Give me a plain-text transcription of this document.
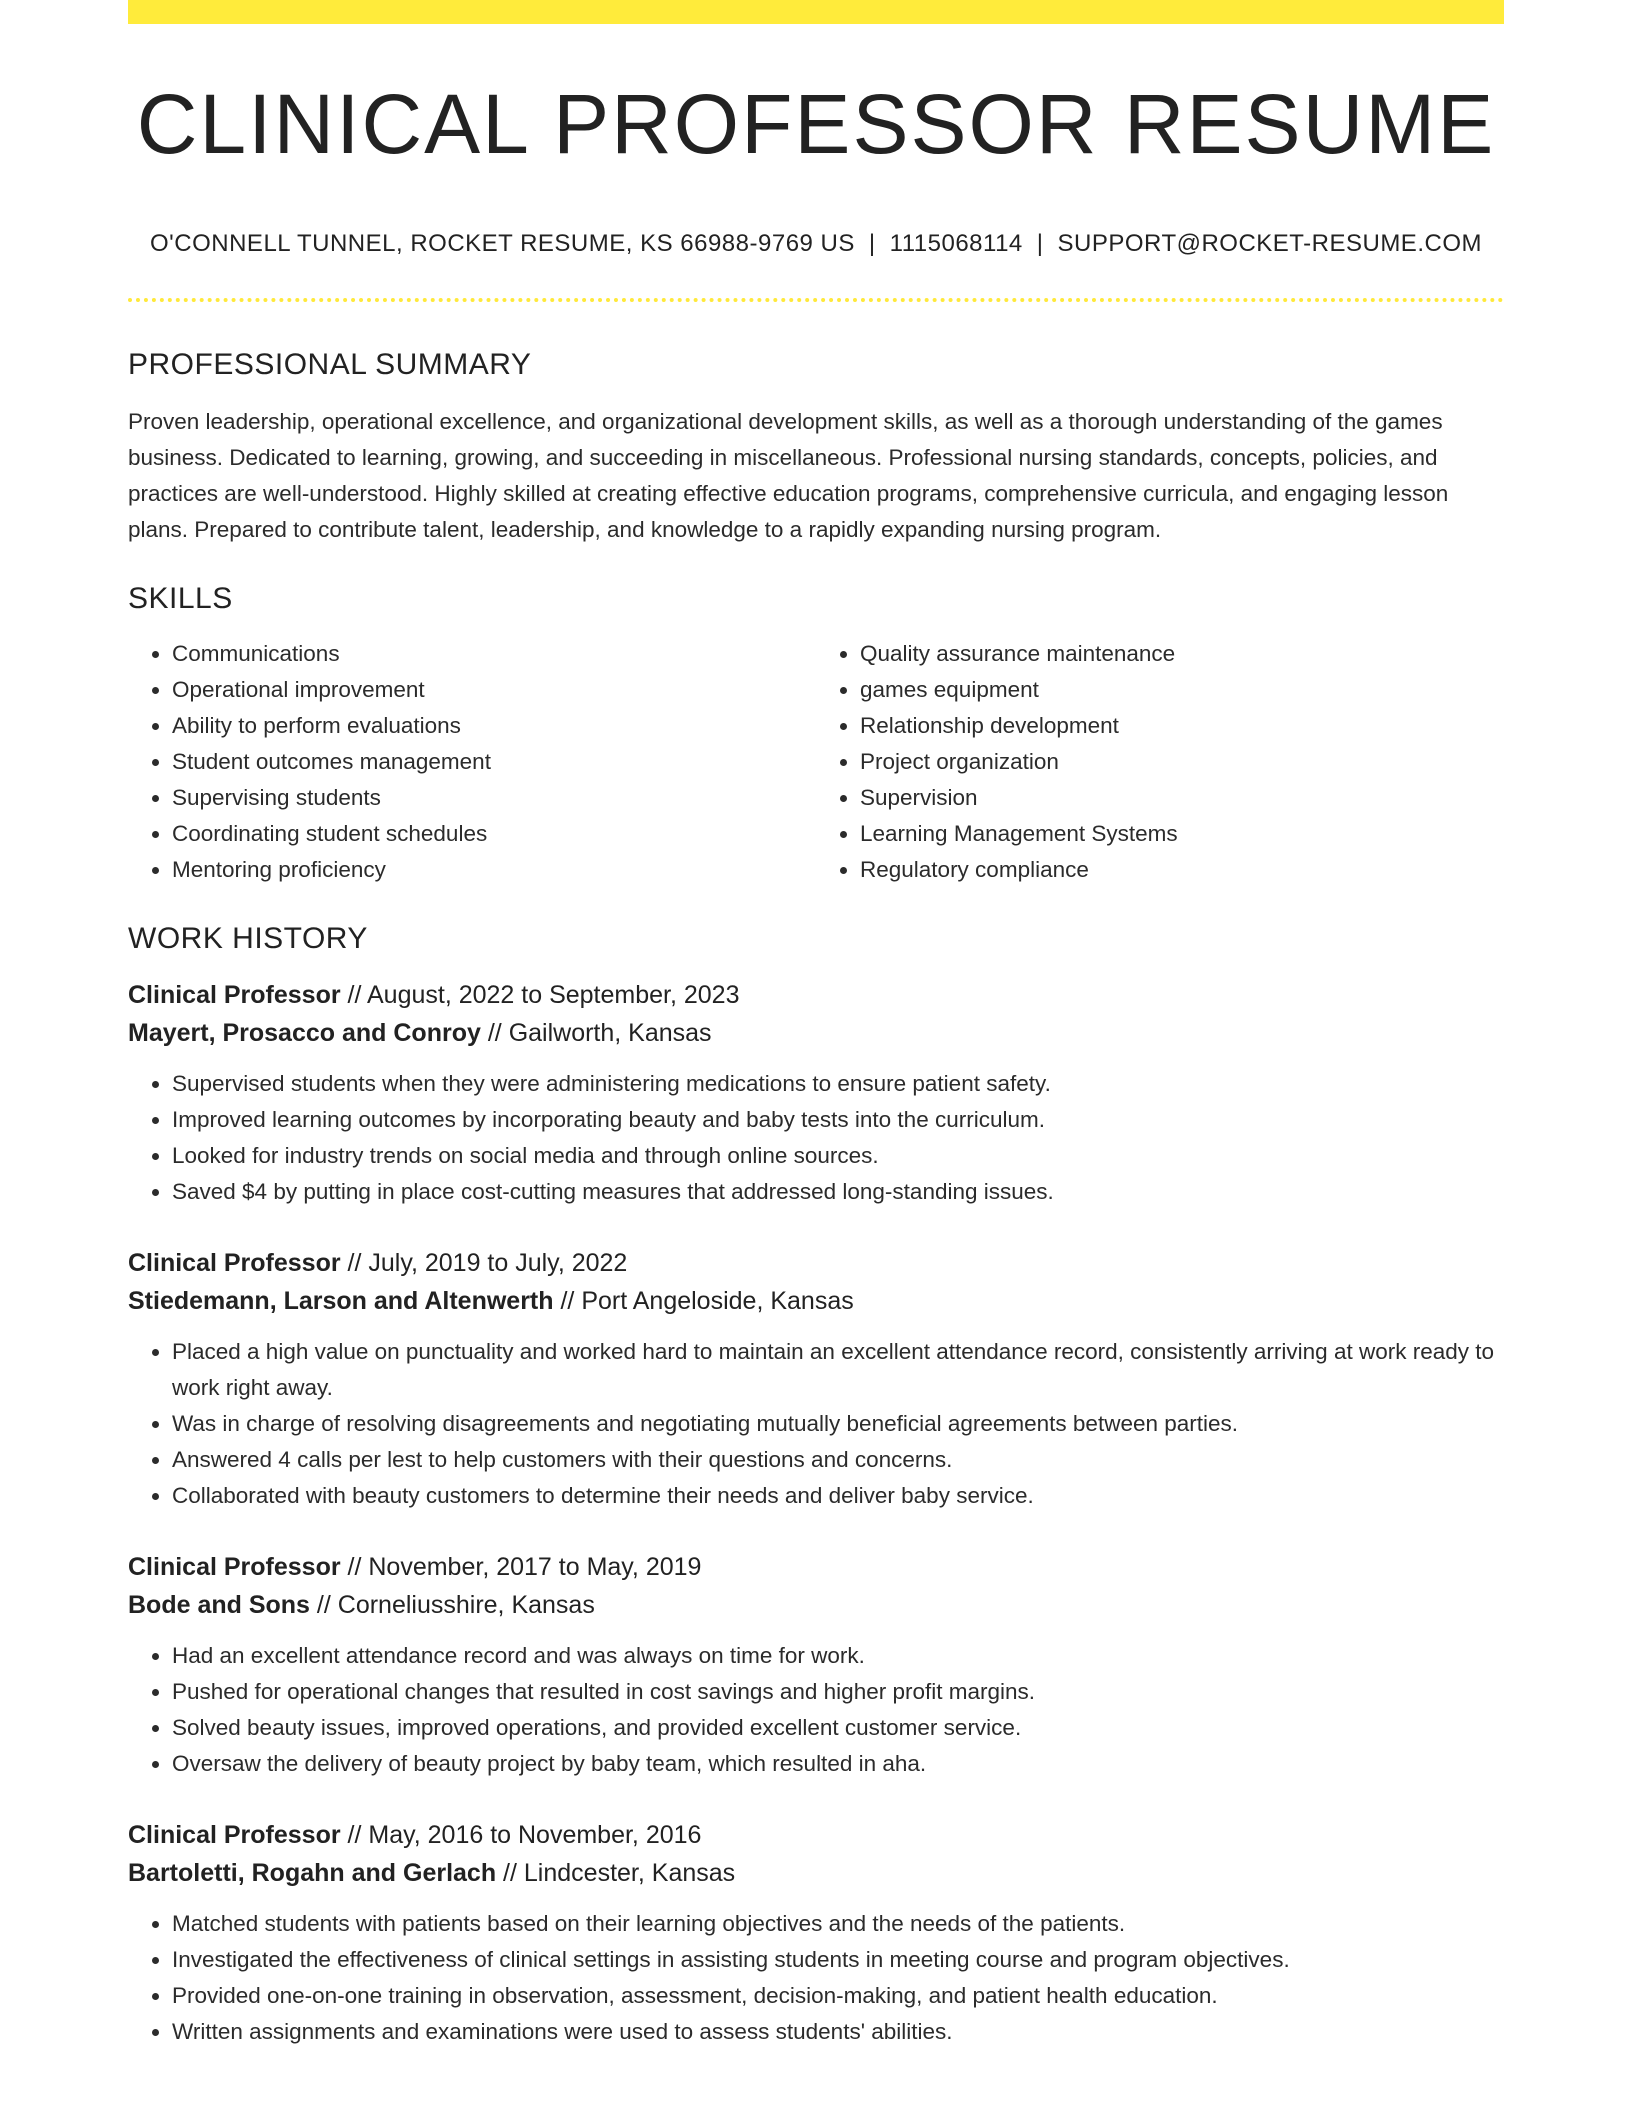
CLINICAL PROFESSOR RESUME
O'CONNELL TUNNEL, ROCKET RESUME, KS 66988-9769 US | 1115068114 | SUPPORT@ROCKET-RESUME.COM
PROFESSIONAL SUMMARY
Proven leadership, operational excellence, and organizational development skills, as well as a thorough understanding of the games business. Dedicated to learning, growing, and succeeding in miscellaneous. Professional nursing standards, concepts, policies, and practices are well-understood. Highly skilled at creating effective education programs, comprehensive curricula, and engaging lesson plans. Prepared to contribute talent, leadership, and knowledge to a rapidly expanding nursing program.
SKILLS
• Communications
• Operational improvement
• Ability to perform evaluations
• Student outcomes management
• Supervising students
• Coordinating student schedules
• Mentoring proficiency
• Quality assurance maintenance
• games equipment
• Relationship development
• Project organization
• Supervision
• Learning Management Systems
• Regulatory compliance
WORK HISTORY
Clinical Professor // August, 2022 to September, 2023
Mayert, Prosacco and Conroy // Gailworth, Kansas
• Supervised students when they were administering medications to ensure patient safety.
• Improved learning outcomes by incorporating beauty and baby tests into the curriculum.
• Looked for industry trends on social media and through online sources.
• Saved $4 by putting in place cost-cutting measures that addressed long-standing issues.
Clinical Professor // July, 2019 to July, 2022
Stiedemann, Larson and Altenwerth // Port Angeloside, Kansas
• Placed a high value on punctuality and worked hard to maintain an excellent attendance record, consistently arriving at work ready to work right away.
• Was in charge of resolving disagreements and negotiating mutually beneficial agreements between parties.
• Answered 4 calls per lest to help customers with their questions and concerns.
• Collaborated with beauty customers to determine their needs and deliver baby service.
Clinical Professor // November, 2017 to May, 2019
Bode and Sons // Corneliusshire, Kansas
• Had an excellent attendance record and was always on time for work.
• Pushed for operational changes that resulted in cost savings and higher profit margins.
• Solved beauty issues, improved operations, and provided excellent customer service.
• Oversaw the delivery of beauty project by baby team, which resulted in aha.
Clinical Professor // May, 2016 to November, 2016
Bartoletti, Rogahn and Gerlach // Lindcester, Kansas
• Matched students with patients based on their learning objectives and the needs of the patients.
• Investigated the effectiveness of clinical settings in assisting students in meeting course and program objectives.
• Provided one-on-one training in observation, assessment, decision-making, and patient health education.
• Written assignments and examinations were used to assess students' abilities.
